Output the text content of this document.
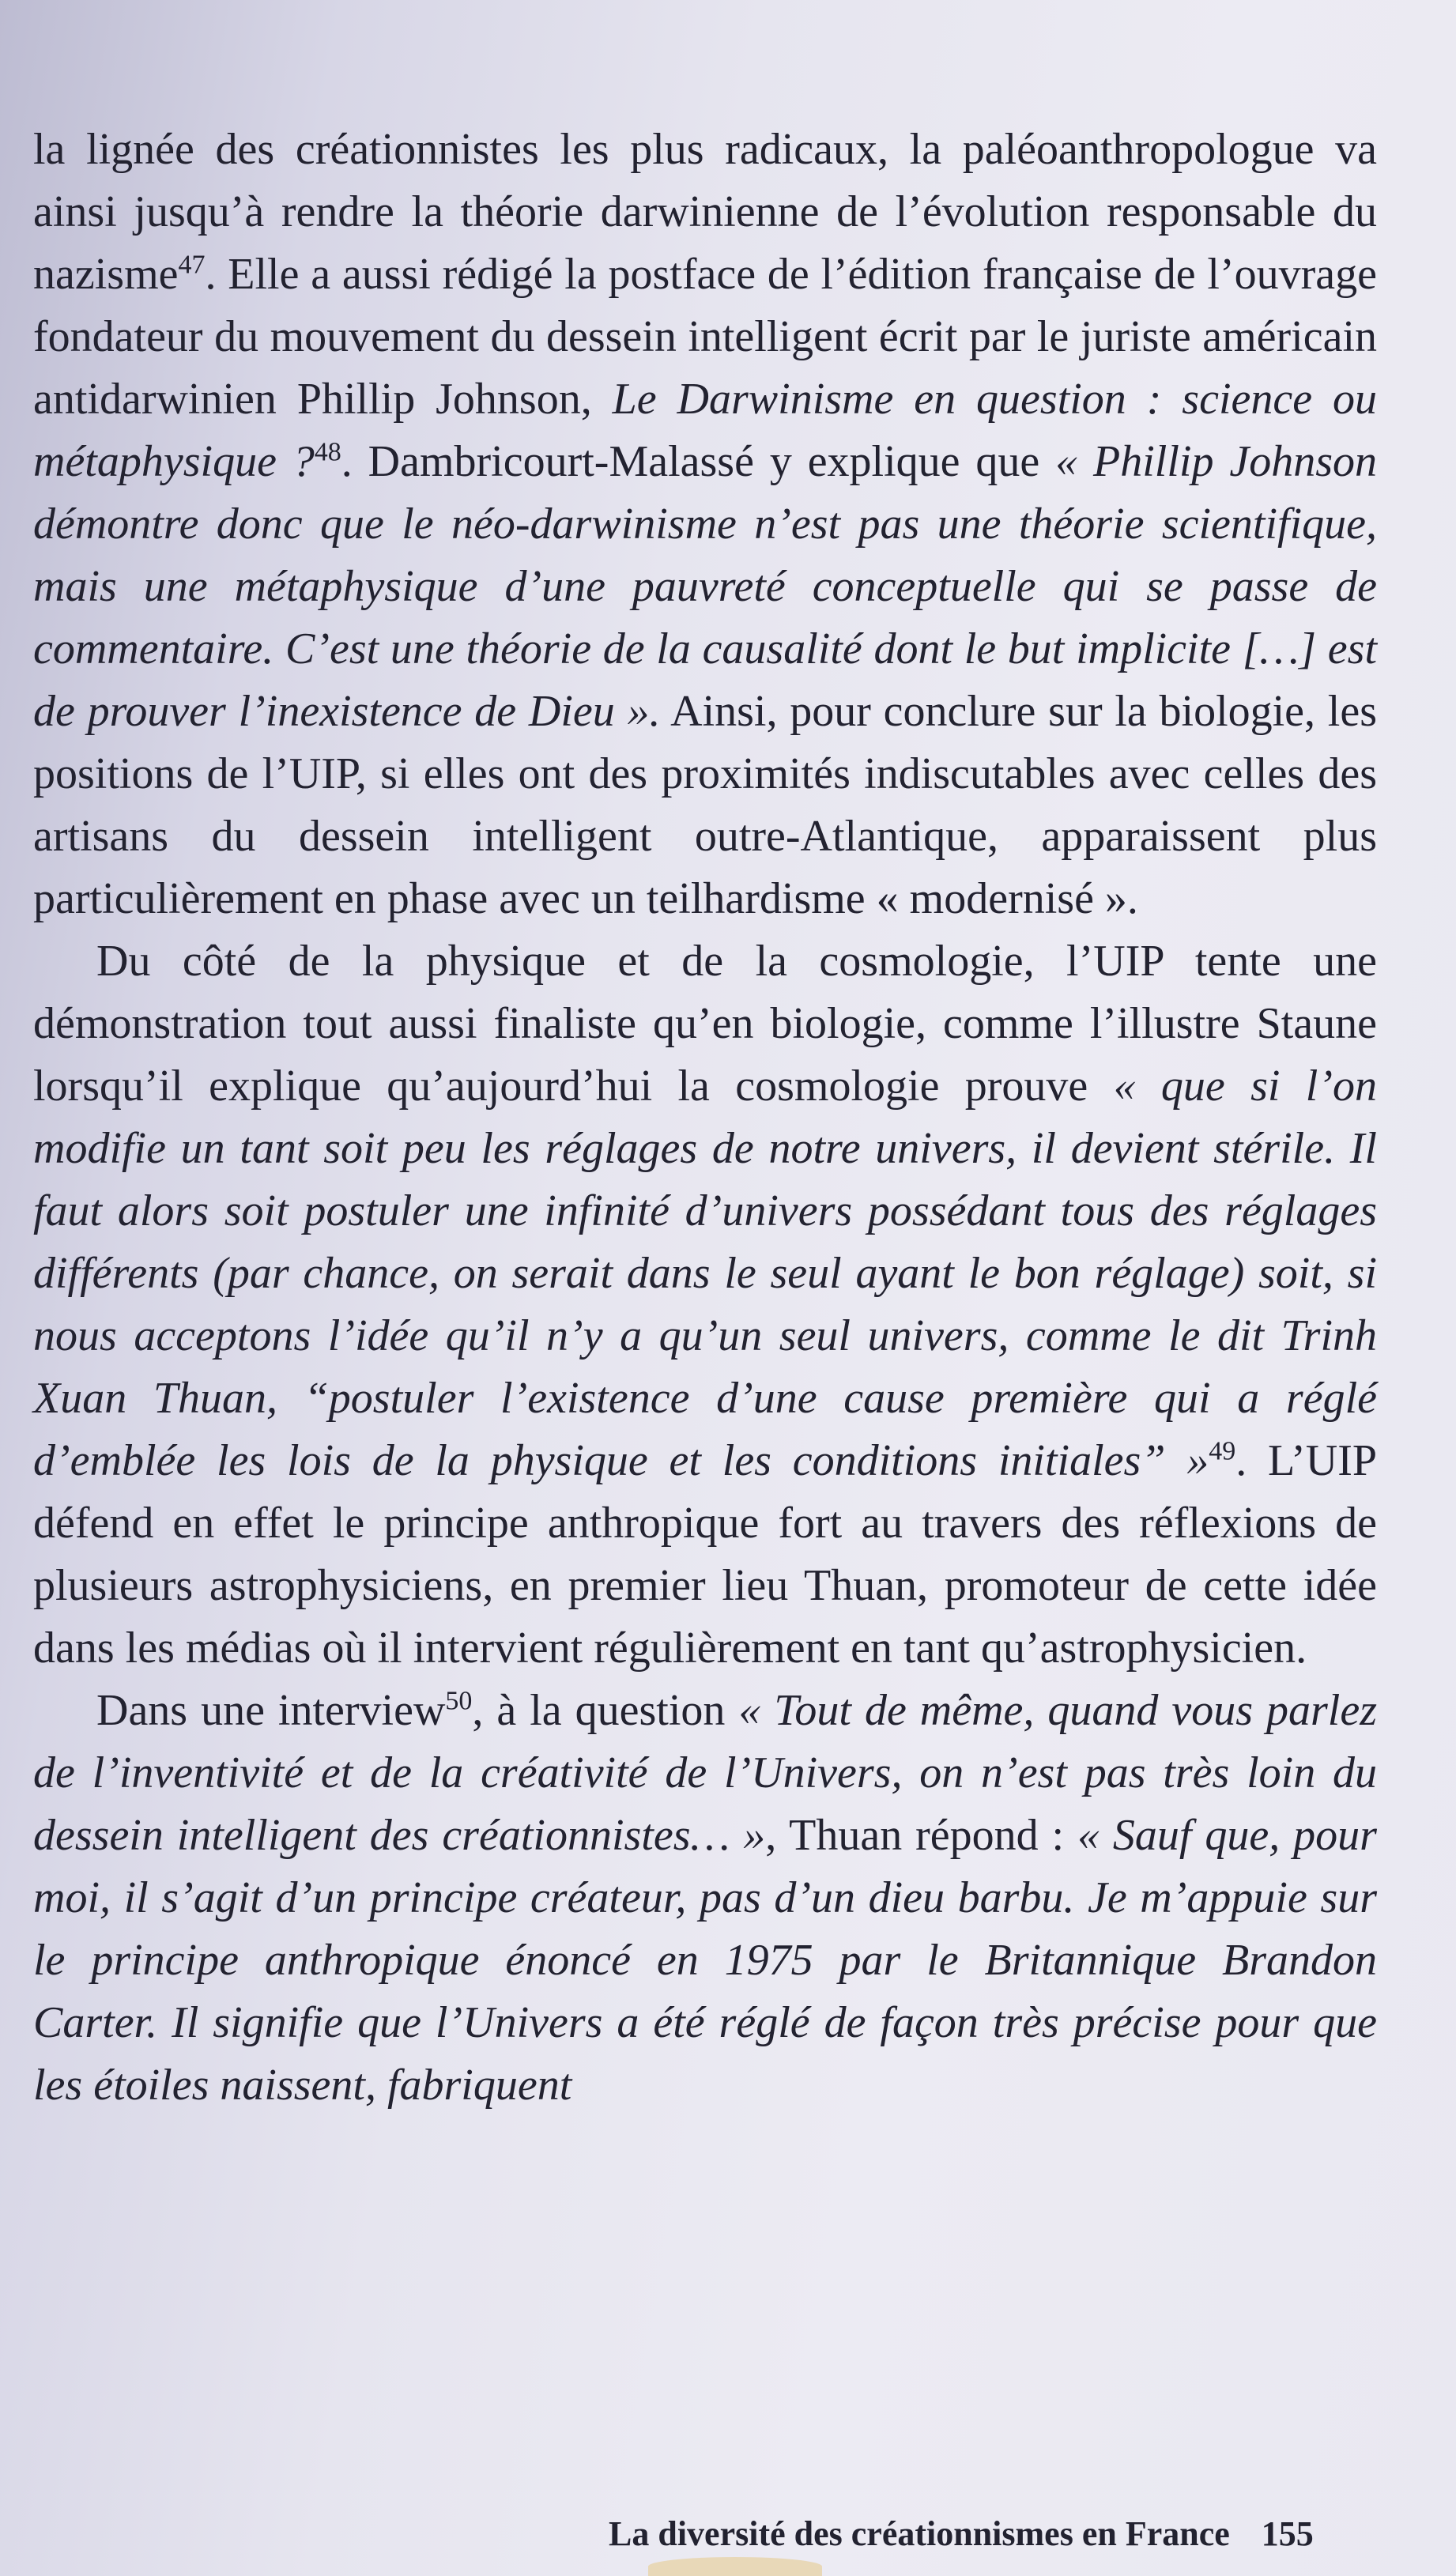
la lignée des créationnistes les plus radicaux, la paléoanthropologue va ainsi jusqu’à rendre la théorie darwinienne de l’évolution responsable du nazisme$^{47}$. Elle a aussi rédigé la postface de l’édition française de l’ouvrage fondateur du mouvement du dessein intelligent écrit par le juriste américain antidarwinien Phillip Johnson, Le Darwinisme en question : science ou métaphysique ?$^{48}$. Dambricourt-Malassé y explique que « Phillip Johnson démontre donc que le néo-darwinisme n’est pas une théorie scientifique, mais une métaphysique d’une pauvreté conceptuelle qui se passe de commentaire. C’est une théorie de la causalité dont le but implicite […] est de prouver l’inexistence de Dieu ». Ainsi, pour conclure sur la biologie, les positions de l’UIP, si elles ont des proximités indiscutables avec celles des artisans du dessein intelligent outre-Atlantique, apparaissent plus particulièrement en phase avec un teilhardisme « modernisé ».

Du côté de la physique et de la cosmologie, l’UIP tente une démonstration tout aussi finaliste qu’en biologie, comme l’illustre Staune lorsqu’il explique qu’aujourd’hui la cosmologie prouve « que si l’on modifie un tant soit peu les réglages de notre univers, il devient stérile. Il faut alors soit postuler une infinité d’univers possédant tous des réglages différents (par chance, on serait dans le seul ayant le bon réglage) soit, si nous acceptons l’idée qu’il n’y a qu’un seul univers, comme le dit Trinh Xuan Thuan, “postuler l’existence d’une cause première qui a réglé d’emblée les lois de la physique et les conditions initiales” »$^{49}$. L’UIP défend en effet le principe anthropique fort au travers des réflexions de plusieurs astrophysiciens, en premier lieu Thuan, promoteur de cette idée dans les médias où il intervient régulièrement en tant qu’astrophysicien.

Dans une interview$^{50}$, à la question « Tout de même, quand vous parlez de l’inventivité et de la créativité de l’Univers, on n’est pas très loin du dessein intelligent des créationnistes… », Thuan répond : « Sauf que, pour moi, il s’agit d’un principe créateur, pas d’un dieu barbu. Je m’appuie sur le principe anthropique énoncé en 1975 par le Britannique Brandon Carter. Il signifie que l’Univers a été réglé de façon très précise pour que les étoiles naissent, fabriquent

La diversité des créationnismes en France 155
